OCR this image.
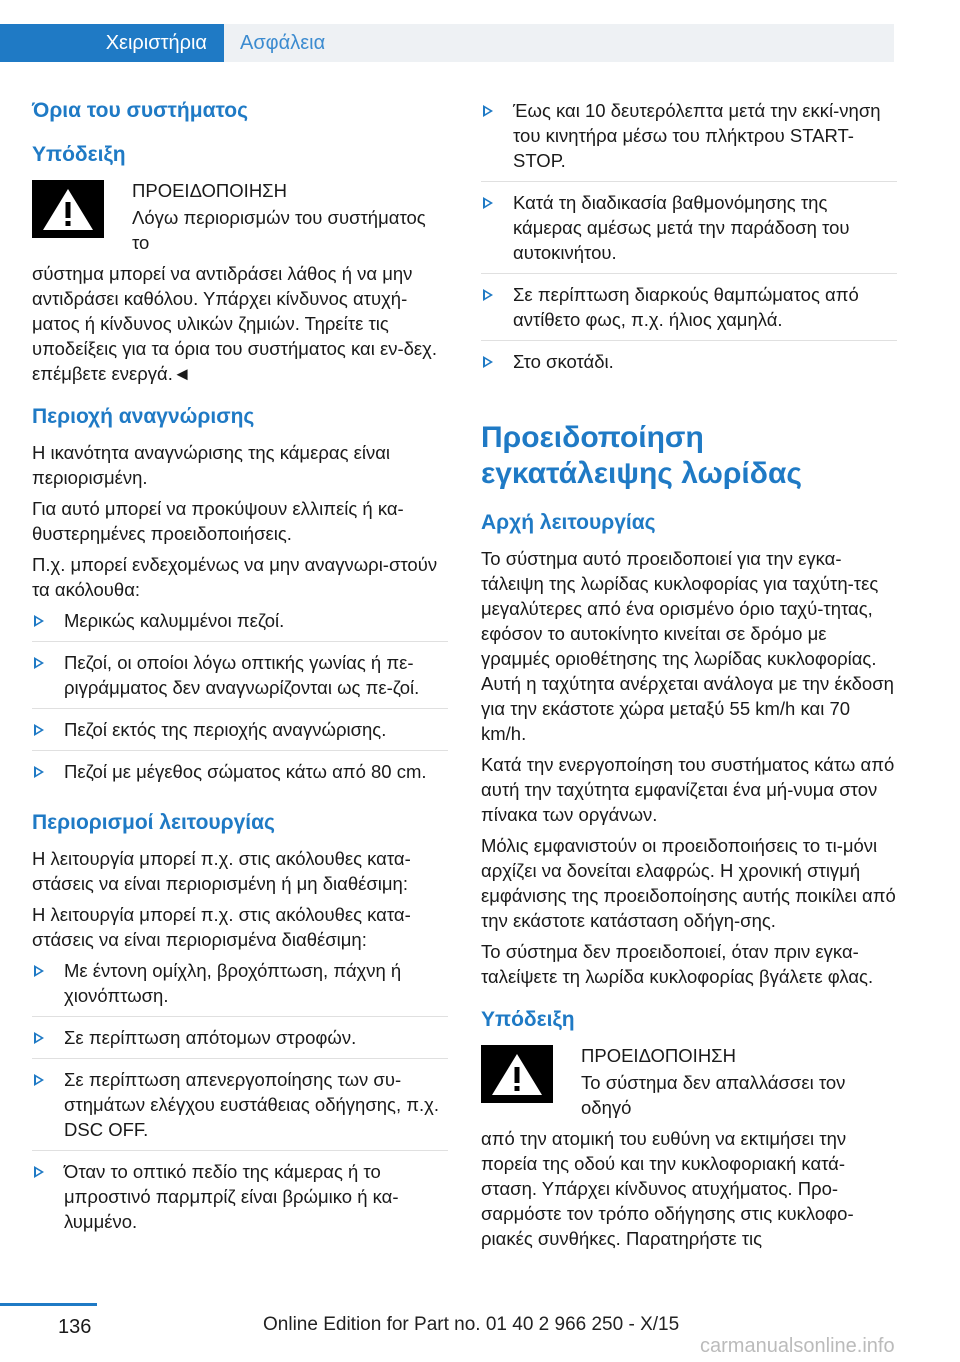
Χειριστήρια Ασφάλεια
Όρια του συστήματος
Υπόδειξη
ΠΡΟΕΙΔΟΠΟΙΗΣΗ
Λόγω περιορισμών του συστήματος το

σύστημα μπορεί να αντιδράσει λάθος ή να μην αντιδράσει καθόλου. Υπάρχει κίνδυνος ατυχή-ματος ή κίνδυνος υλικών ζημιών. Τηρείτε τις υποδείξεις για τα όρια του συστήματος και εν-δεχ. επέμβετε ενεργά.◄

Περιοχή αναγνώρισης

Η ικανότητα αναγνώρισης της κάμερας είναι περιορισμένη.

Για αυτό μπορεί να προκύψουν ελλιπείς ή κα-θυστερημένες προειδοποιήσεις.

Π.χ. μπορεί ενδεχομένως να μην αναγνωρι-στούν τα ακόλουθα:

Μερικώς καλυμμένοι πεζοί.
Πεζοί, οι οποίοι λόγω οπτικής γωνίας ή πε-ριγράμματος δεν αναγνωρίζονται ως πε-ζοί.
Πεζοί εκτός της περιοχής αναγνώρισης.
Πεζοί με μέγεθος σώματος κάτω από 80 cm.
Περιορισμοί λειτουργίας

Η λειτουργία μπορεί π.χ. στις ακόλουθες κατα-στάσεις να είναι περιορισμένη ή μη διαθέσιμη:

Η λειτουργία μπορεί π.χ. στις ακόλουθες κατα-στάσεις να είναι περιορισμένα διαθέσιμη:

Με έντονη ομίχλη, βροχόπτωση, πάχνη ή χιονόπτωση.
Σε περίπτωση απότομων στροφών.
Σε περίπτωση απενεργοποίησης των συ-στημάτων ελέγχου ευστάθειας οδήγησης, π.χ. DSC OFF.
Όταν το οπτικό πεδίο της κάμερας ή το μπροστινό παρμπρίζ είναι βρώμικο ή κα-λυμμένο.
Έως και 10 δευτερόλεπτα μετά την εκκί-νηση του κινητήρα μέσω του πλήκτρου START-STOP.
Κατά τη διαδικασία βαθμονόμησης της κάμερας αμέσως μετά την παράδοση του αυτοκινήτου.
Σε περίπτωση διαρκούς θαμπώματος από αντίθετο φως, π.χ. ήλιος χαμηλά.
Στο σκοτάδι.
Προειδοποίηση εγκατάλειψης λωρίδας
Αρχή λειτουργίας

Το σύστημα αυτό προειδοποιεί για την εγκα-τάλειψη της λωρίδας κυκλοφορίας για ταχύτη-τες μεγαλύτερες από ένα ορισμένο όριο ταχύ-τητας, εφόσον το αυτοκίνητο κινείται σε δρόμο με γραμμές οριοθέτησης της λωρίδας κυκλοφορίας. Αυτή η ταχύτητα ανέρχεται ανάλογα με την έκδοση για την εκάστοτε χώρα μεταξύ 55 km/h και 70 km/h.

Κατά την ενεργοποίηση του συστήματος κάτω από αυτή την ταχύτητα εμφανίζεται ένα μή-νυμα στον πίνακα των οργάνων.

Μόλις εμφανιστούν οι προειδοποιήσεις το τι-μόνι αρχίζει να δονείται ελαφρώς. Η χρονική στιγμή εμφάνισης της προειδοποίησης αυτής ποικίλει από την εκάστοτε κατάσταση οδήγη-σης.

Το σύστημα δεν προειδοποιεί, όταν πριν εγκα-ταλείψετε τη λωρίδα κυκλοφορίας βγάλετε φλας.

Υπόδειξη
ΠΡΟΕΙΔΟΠΟΙΗΣΗ
Το σύστημα δεν απαλλάσσει τον οδηγό

από την ατομική του ευθύνη να εκτιμήσει την πορεία της οδού και την κυκλοφοριακή κατά-σταση. Υπάρχει κίνδυνος ατυχήματος. Προ-σαρμόστε τον τρόπο οδήγησης στις κυκλοφο-ριακές συνθήκες. Παρατηρήστε τις

136	Online Edition for Part no. 01 40 2 966 250 - X/15
carmanualsonline.info
